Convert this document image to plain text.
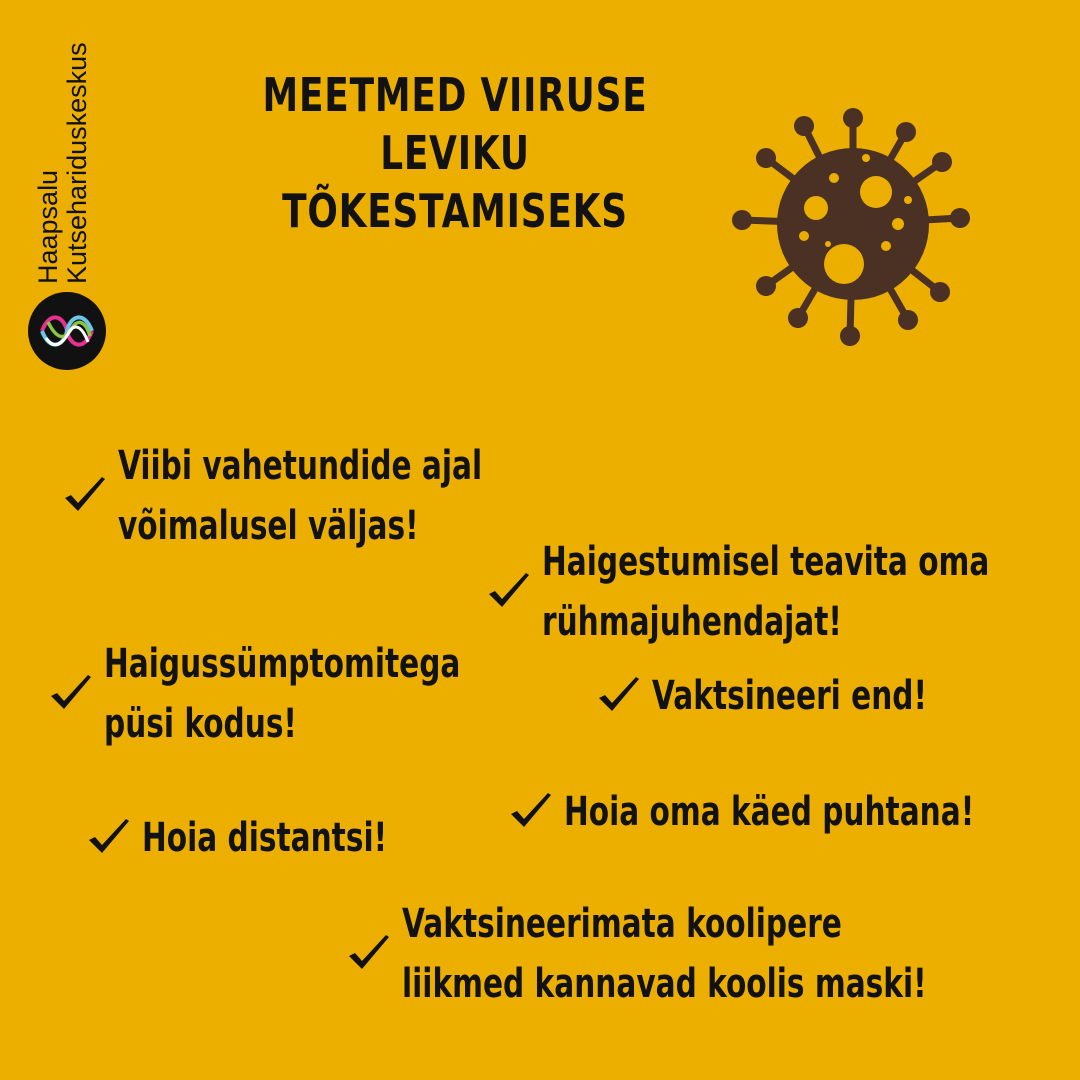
Haapsalu Kutsehariduskeskus	MEETMED VIIRUSE
LEVIKU TÕKESTAMISEKS
Viibi vahetundide ajal
võimalusel väljas!
Haigestumisel teavita oma
rühmajuhendajat!
Haigussümptomitega
püsi kodus!
Vaktsineeri end!
Hoia oma käed puhtana!
Hoia distantsi!
Vaktsineerimata koolipere
liikmed kannavad koolis maski!
